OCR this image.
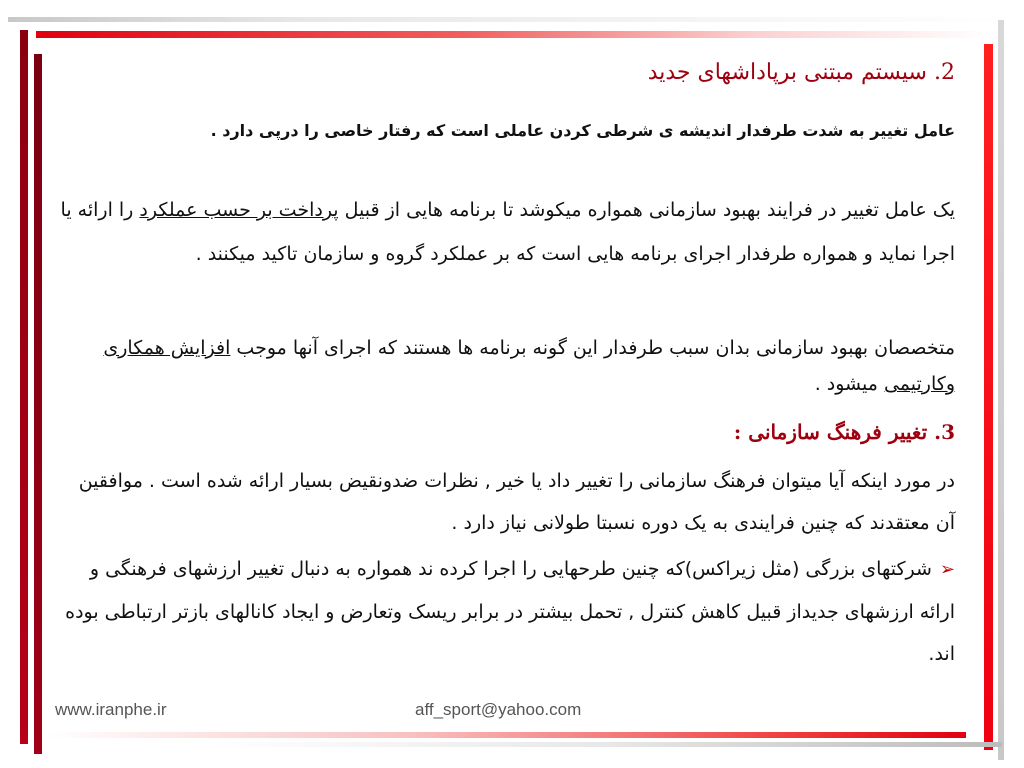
2. سیستم مبتنی برپاداشهای جدید
عامل تغییر به شدت طرفدار اندیشه ی شرطی کردن عاملی است که رفتار خاصی را درپی دارد .
یک عامل تغییر در فرایند بهبود سازمانی همواره میکوشد تا برنامه هایی از قبیل پرداخت بر حسب عملکرد را ارائه یا اجرا نماید و همواره طرفدار اجرای برنامه هایی است که بر عملکرد گروه و سازمان تاکید میکنند .
متخصصان بهبود سازمانی بدان سبب طرفدار این گونه برنامه ها هستند که اجرای آنها موجب افزایش همکاری وکارتیمی میشود .
3. تغییر فرهنگ سازمانی :
در مورد اینکه آیا میتوان فرهنگ سازمانی را تغییر داد یا خیر , نظرات ضدونقیض بسیار ارائه شده است . موافقین آن معتقدند که چنین فرایندی به یک دوره نسبتا طولانی نیاز دارد .
➢شرکتهای بزرگی (مثل زیراکس)که چنین طرحهایی را اجرا کرده ند همواره به دنبال تغییر ارزشهای فرهنگی و ارائه ارزشهای جدیداز قبیل کاهش کنترل , تحمل بیشتر در برابر ریسک وتعارض و ایجاد کانالهای بازتر ارتباطی بوده اند.
www.iranphe.ir	aff_sport@yahoo.com
